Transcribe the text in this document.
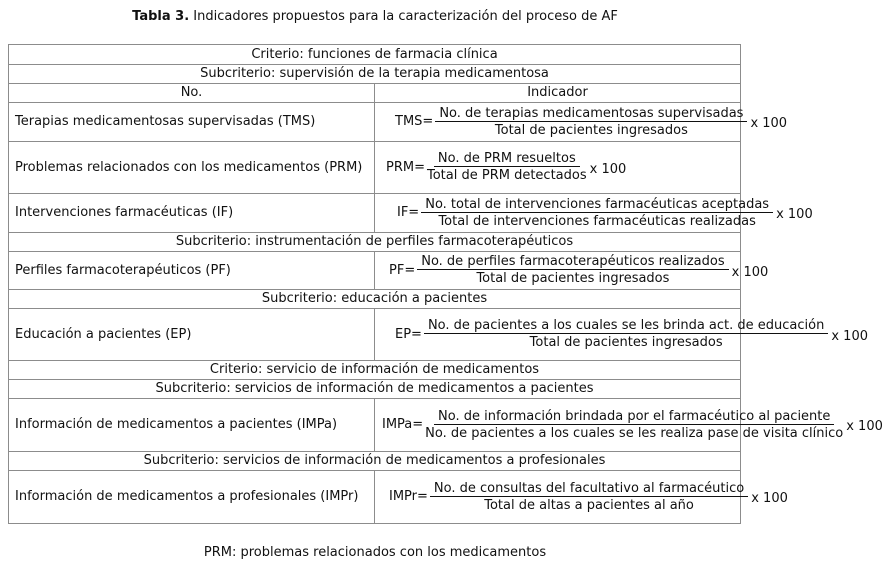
Tabla 3. Indicadores propuestos para la caracterización del proceso de AF
Criterio: funciones de farmacia clínica	
Subcriterio: supervisión de la terapia medicamentosa	
No.	Indicador
Terapias medicamentosas supervisadas (TMS)	$TMS= \frac{\text{No. de terapias medicamentosas supervisadas}}{\text{Total de pacientes ingresados}}$ x 100

Problemas relacionados con los medicamentos (PRM)	$PRM= \frac{\text{No. de PRM resueltos}}{\text{Total de PRM detectados}}$ x 100

Intervenciones farmacéuticas (IF)	$IF= \frac{\text{No. total de intervenciones farmacéuticas aceptadas}}{\text{Total de intervenciones farmacéuticas realizadas}}$ x 100

Subcriterio: instrumentación de perfiles farmacoterapéuticos	
Perfiles farmacoterapéuticos (PF)	$PF= \frac{\text{No. de perfiles farmacoterapéuticos realizados}}{\text{Total de pacientes ingresados}}$ x 100

Subcriterio: educación a pacientes	
Educación a pacientes (EP)	EP=
No. de pacientes a los cuales se les brinda act. de educación
Total de pacientes ingresados x 100

Criterio: servicio de información de medicamentos	
Subcriterio: servicios de información de medicamentos a pacientes	
Información de medicamentos a pacientes (IMPa)	IMPa=
No. de información brindada por el farmacéutico al paciente
No. de pacientes a los cuales se les realiza pase de visita clínico x 100

Subcriterio: servicios de información de medicamentos a profesionales	
Información de medicamentos a profesionales (IMPr)	IMPr= $\frac{\text{No. de consultas del facultativo al farmacéutico}}{\text{Total de altas a pacientes al año}}$ x 100
PRM: problemas relacionados con los medicamentos
